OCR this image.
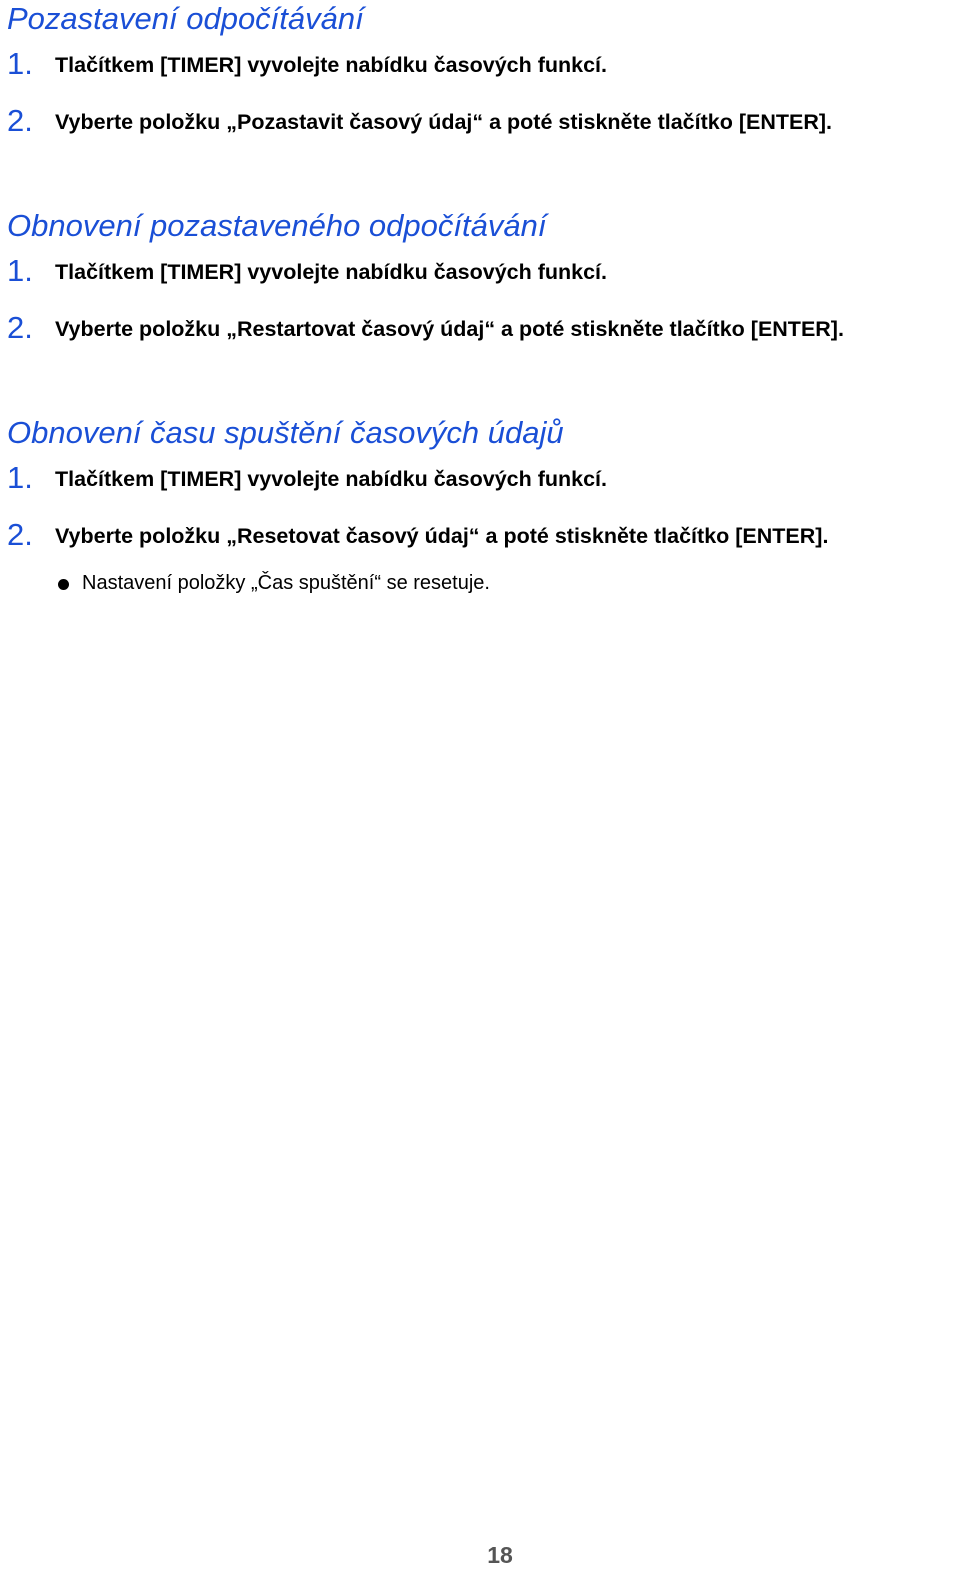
Pozastavení odpočítávání
1. Tlačítkem [TIMER] vyvolejte nabídku časových funkcí.
2. Vyberte položku „Pozastavit časový údaj“ a poté stiskněte tlačítko [ENTER].
Obnovení pozastaveného odpočítávání
1. Tlačítkem [TIMER] vyvolejte nabídku časových funkcí.
2. Vyberte položku „Restartovat časový údaj“ a poté stiskněte tlačítko [ENTER].
Obnovení času spuštění časových údajů
1. Tlačítkem [TIMER] vyvolejte nabídku časových funkcí.
2. Vyberte položku „Resetovat časový údaj“ a poté stiskněte tlačítko [ENTER].
Nastavení položky „Čas spuštění“ se resetuje.
18
